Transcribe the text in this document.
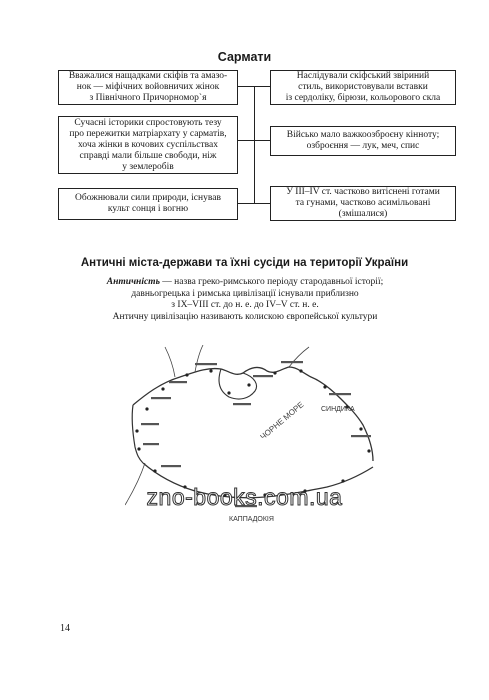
Сармати
Вважалися нащадками скіфів та амазо-
нок — міфічних войовничих жінок
з Північного Причорномор`я
Сучасні історики спростовують тезу
про пережитки матріархату у сарматів,
хоча жінки в кочових суспільствах
справді мали більше свободи, ніж
у землеробів
Обожнювали сили природи, існував
культ сонця і вогню
Наслідували скіфський звіриний
стиль, використовували вставки
із сердоліку, бірюзи, кольорового скла
Військо мало важкоозброєну кінноту;
озброєння — лук, меч, спис
У III–IV ст. частково витіснені готами
та гунами, частково асимільовані
(змішалися)
Античні міста-держави та їхні сусіди на території України
Античність — назва греко-римського періоду стародавньої історії;
давньогрецька і римська цивілізації існували приблизно
з IX–VIII ст. до н. е. до IV–V ст. н. е.
Античну цивілізацію називають колискою європейської культури
ЧОРНЕ МОРЕ СИНДИКА
КАППАДОКІЯ
zno-books.com.ua
14
